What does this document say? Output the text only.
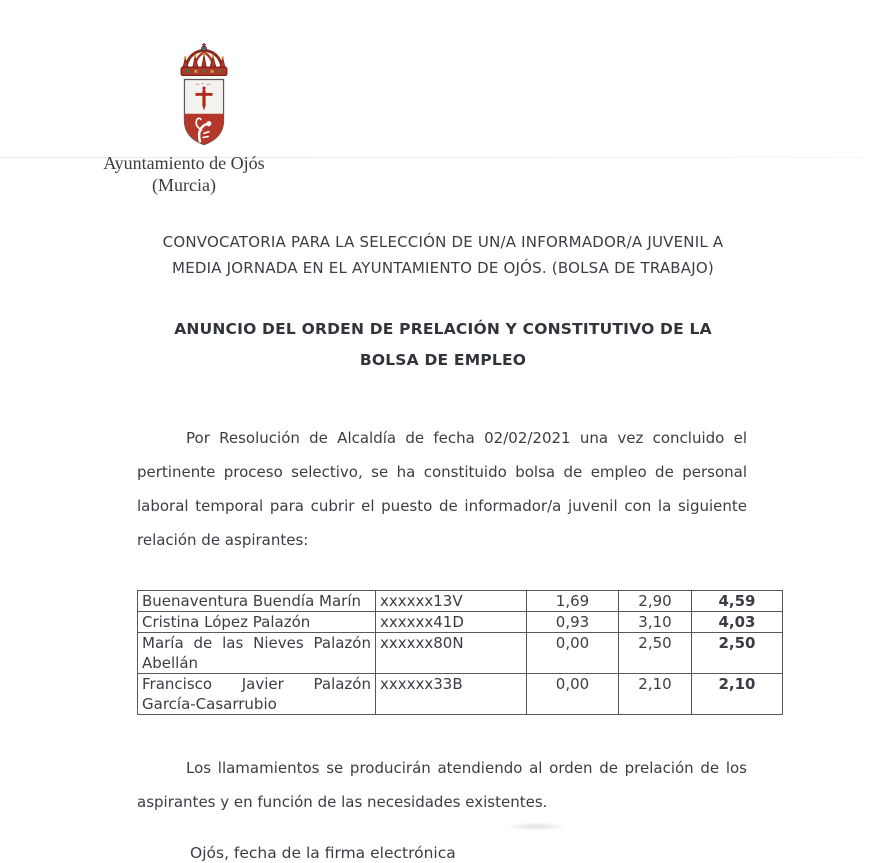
Ayuntamiento de Ojós
(Murcia)
CONVOCATORIA PARA LA SELECCIÓN DE UN/A INFORMADOR/A JUVENIL A
MEDIA JORNADA EN EL AYUNTAMIENTO DE OJÓS. (BOLSA DE TRABAJO)
ANUNCIO DEL ORDEN DE PRELACIÓN Y CONSTITUTIVO DE LA
BOLSA DE EMPLEO
Por Resolución de Alcaldía de fecha 02/02/2021 una vez concluido el pertinente proceso selectivo, se ha constituido bolsa de empleo de personal laboral temporal para cubrir el puesto de informador/a juvenil con la siguiente relación de aspirantes:
Buenaventura Buendía Marín	xxxxxx13V	1,69	2,90	4,59
Cristina López Palazón	xxxxxx41D	0,93	3,10	4,03
María de las Nieves Palazón Abellán	xxxxxx80N	0,00	2,50	2,50
Francisco Javier Palazón García-Casarrubio	xxxxxx33B	0,00	2,10	2,10
Los llamamientos se producirán atendiendo al orden de prelación de los aspirantes y en función de las necesidades existentes.
Ojós, fecha de la firma electrónica
